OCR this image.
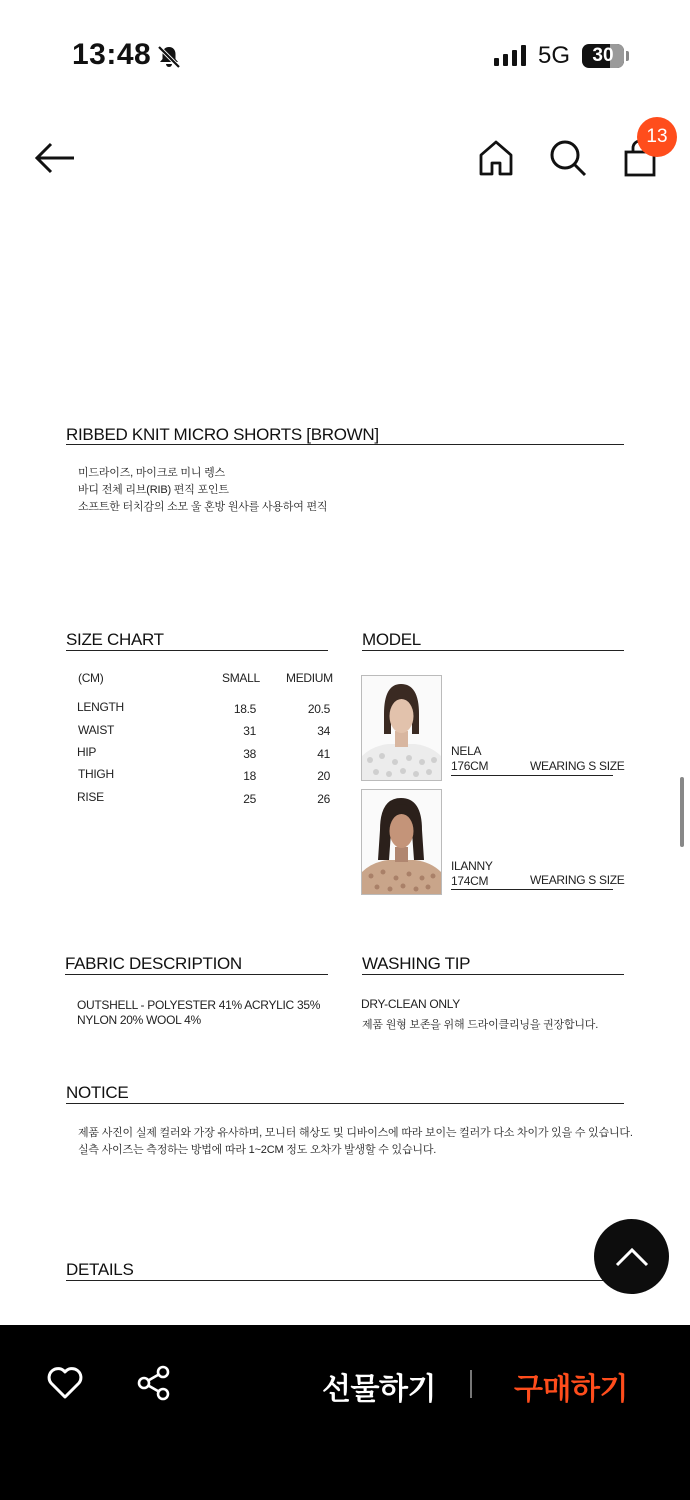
13:48	5G 30
13
RIBBED KNIT MICRO SHORTS [BROWN]
미드라이즈, 마이크로 미니 렝스
바디 전체 리브(RIB) 편직 포인트
소프트한 터치감의 소모 울 혼방 원사를 사용하여 편직
SIZE CHART
(CM)	SMALL MEDIUM
LENGTH	18.5	20.5
WAIST	31	34
HIP	38	41
THIGH	18	20
RISE	25	26
MODEL
NELA
176CM	WEARING S SIZE
ILANNY
174CM	WEARING S SIZE
FABRIC DESCRIPTION
OUTSHELL - POLYESTER 41% ACRYLIC 35%
NYLON 20% WOOL 4%
WASHING TIP
DRY-CLEAN ONLY
제품 원형 보존을 위해 드라이클리닝을 권장합니다.
NOTICE
제품 사진이 실제 컬러와 가장 유사하며, 모니터 해상도 및 디바이스에 따라 보이는 컬러가 다소 차이가 있을 수 있습니다.
실측 사이즈는 측정하는 방법에 따라 1~2CM 정도 오차가 발생할 수 있습니다.
DETAILS
선물하기	구매하기
